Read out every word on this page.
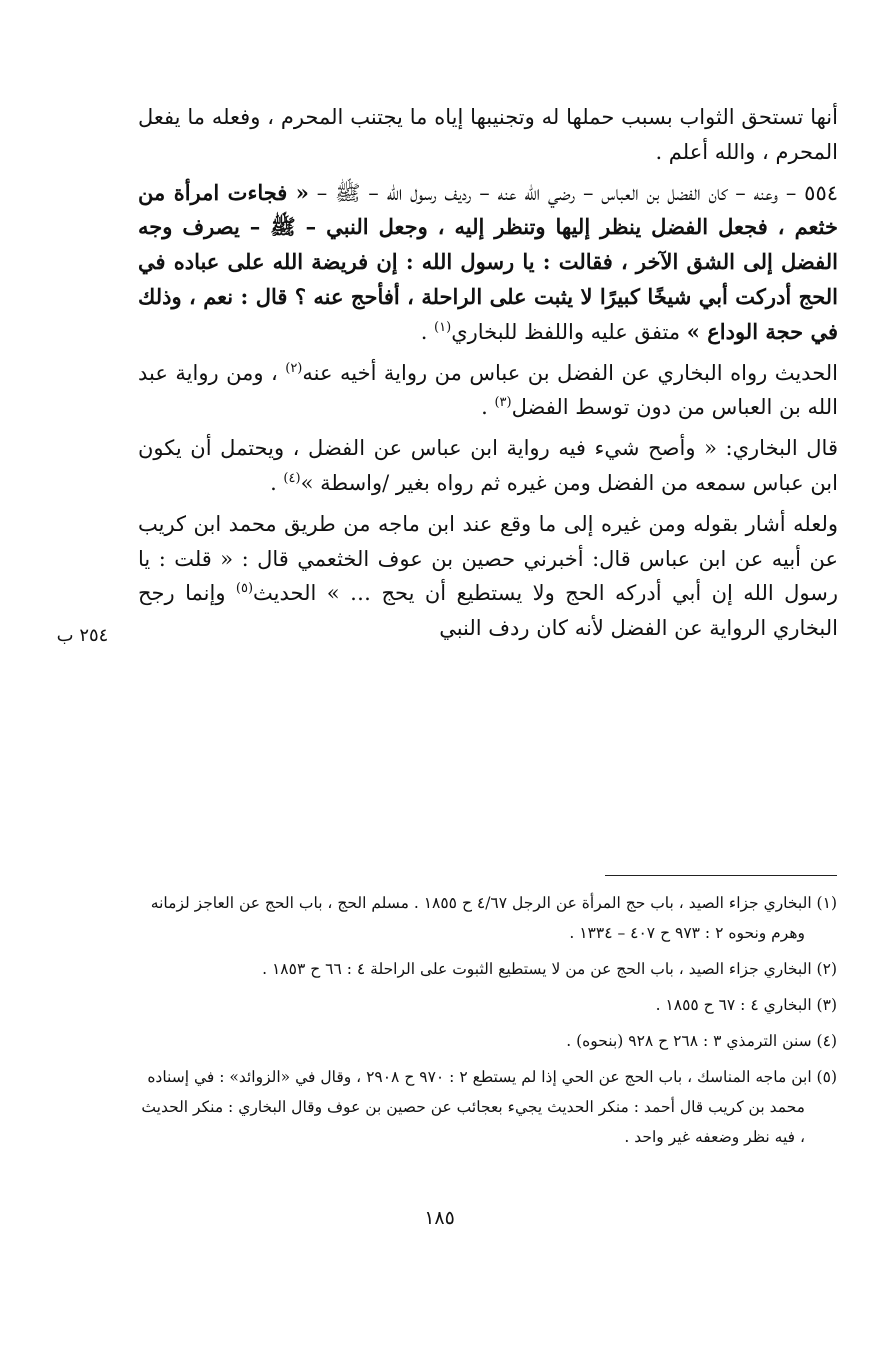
أنها تستحق الثواب بسبب حملها له وتجنيبها إياه ما يجتنب المحرم ، وفعله ما يفعل المحرم ، والله أعلم .

٥٥٤ – وعنه – كان الفضل بن العباس – رضي الله عنه – رديف رسول الله – ﷺ – « فجاءت امرأة من خثعم ، فجعل الفضل ينظر إليها وتنظر إليه ، وجعل النبي – ﷺ – يصرف وجه الفضل إلى الشق الآخر ، فقالت : يا رسول الله : إن فريضة الله على عباده في الحج أدركت أبي شيخًا كبيرًا لا يثبت على الراحلة ، أفأحج عنه ؟ قال : نعم ، وذلك في حجة الوداع » متفق عليه واللفظ للبخاري$^{(١)}$ .

الحديث رواه البخاري عن الفضل بن عباس من رواية أخيه عنه$^{(٢)}$ ، ومن رواية عبد الله بن العباس من دون توسط الفضل$^{(٣)}$ .

قال البخاري: « وأصح شيء فيه رواية ابن عباس عن الفضل ، ويحتمل أن يكون ابن عباس سمعه من الفضل ومن غيره ثم رواه بغير /واسطة »$^{(٤)}$ .

ولعله أشار بقوله ومن غيره إلى ما وقع عند ابن ماجه من طريق محمد ابن كريب عن أبيه عن ابن عباس قال: أخبرني حصين بن عوف الخثعمي قال : « قلت : يا رسول الله إن أبي أدركه الحج ولا يستطيع أن يحج … » الحديث$^{(٥)}$ وإنما رجح البخاري الرواية عن الفضل لأنه كان ردف النبي

٢٥٤ ب

(١) البخاري جزاء الصيد ، باب حج المرأة عن الرجل ٤/٦٧ ح ١٨٥٥ . مسلم الحج ، باب الحج عن العاجز لزمانه وهرم ونحوه ٢ : ٩٧٣ ح ٤٠٧ – ١٣٣٤ .

(٢) البخاري جزاء الصيد ، باب الحج عن من لا يستطيع الثبوت على الراحلة ٤ : ٦٦ ح ١٨٥٣ .

(٣) البخاري ٤ : ٦٧ ح ١٨٥٥ .

(٤) سنن الترمذي ٣ : ٢٦٨ ح ٩٢٨ (بنحوه) .

(٥) ابن ماجه المناسك ، باب الحج عن الحي إذا لم يستطع ٢ : ٩٧٠ ح ٢٩٠٨ ، وقال في «الزوائد» : في إسناده محمد بن كريب قال أحمد : منكر الحديث يجيء بعجائب عن حصين بن عوف وقال البخاري : منكر الحديث ، فيه نظر وضعفه غير واحد .

١٨٥
